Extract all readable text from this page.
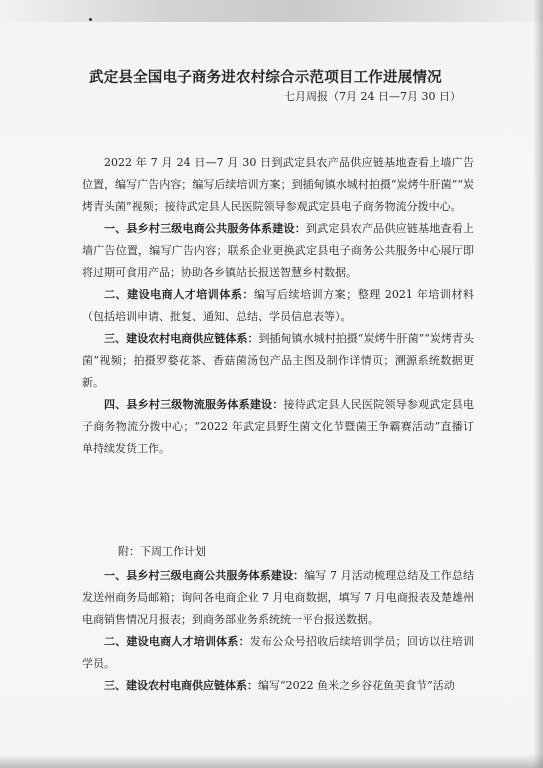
武定县全国电子商务进农村综合示范项目工作进展情况
七月周报（7月 24 日—7月 30 日）
2022 年 7 月 24 日—7 月 30 日到武定县农产品供应链基地查看上墙广告位置，编写广告内容；编写后续培训方案；到插甸镇水城村拍摄“炭烤牛肝菌”“炭烤青头菌”视频；接待武定县人民医院领导参观武定县电子商务物流分拨中心。
一、县乡村三级电商公共服务体系建设：到武定县农产品供应链基地查看上墙广告位置，编写广告内容；联系企业更换武定县电子商务公共服务中心展厅即将过期可食用产品；协助各乡镇站长报送智慧乡村数据。
二、建设电商人才培训体系：编写后续培训方案；整理 2021 年培训材料（包括培训申请、批复、通知、总结、学员信息表等）。
三、建设农村电商供应链体系：到插甸镇水城村拍摄“炭烤牛肝菌”“炭烤青头菌”视频；拍摄罗婺花茶、香菇菌汤包产品主图及制作详情页；溯源系统数据更新。
四、县乡村三级物流服务体系建设：接待武定县人民医院领导参观武定县电子商务物流分拨中心；“2022 年武定县野生菌文化节暨菌王争霸赛活动”直播订单持续发货工作。
附：下周工作计划
一、县乡村三级电商公共服务体系建设：编写 7 月活动梳理总结及工作总结发送州商务局邮箱；询问各电商企业 7 月电商数据，填写 7 月电商报表及楚雄州电商销售情况月报表；到商务部业务系统统一平台报送数据。
二、建设电商人才培训体系：发布公众号招收后续培训学员；回访以往培训学员。
三、建设农村电商供应链体系：编写“2022 鱼米之乡谷花鱼美食节”活动
